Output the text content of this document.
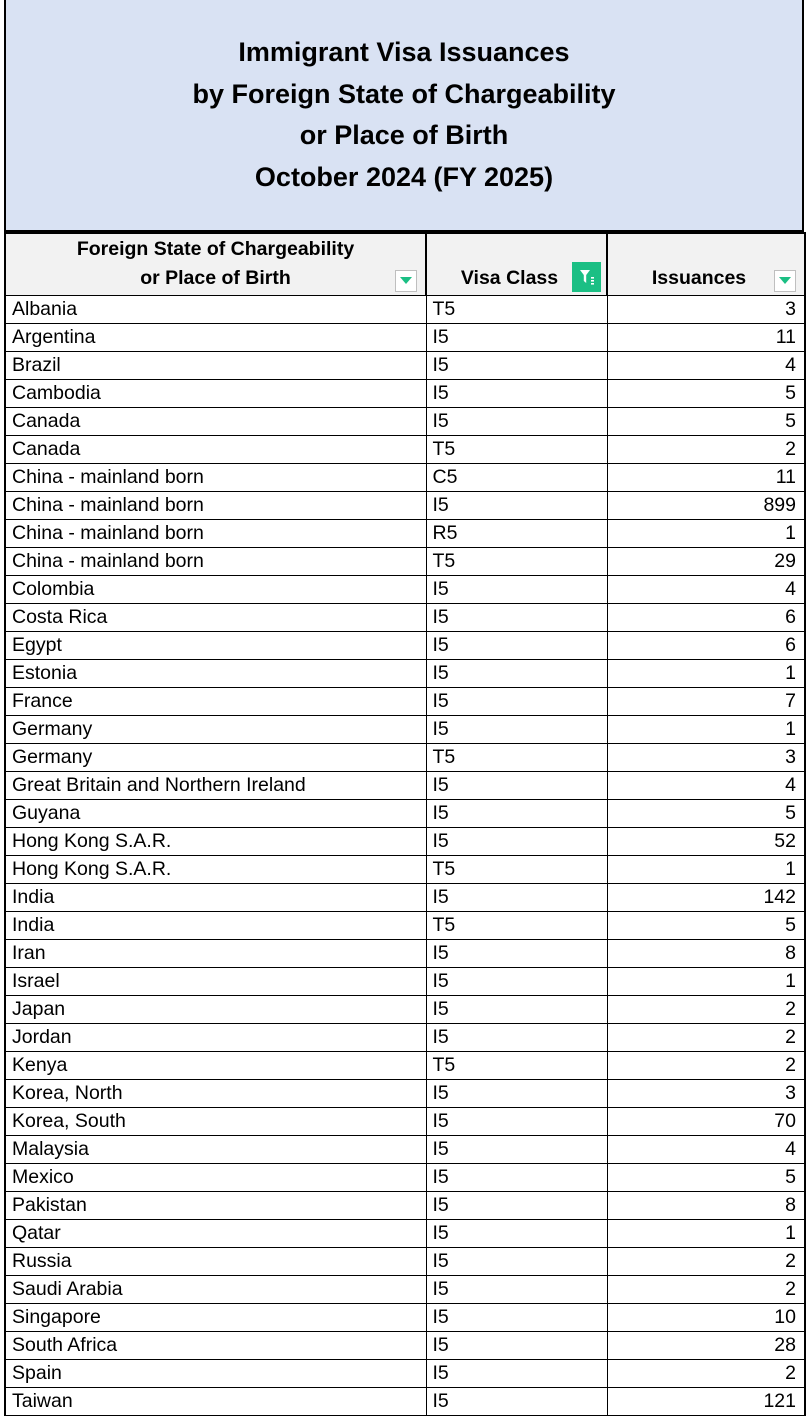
Immigrant Visa Issuances
by Foreign State of Chargeability
or Place of Birth
October 2024 (FY 2025)
Foreign State of Chargeability
or Place of Birth	Visa Class	Issuances

Albania	T5	3
Argentina	I5	11
Brazil	I5	4
Cambodia	I5	5
Canada	I5	5
Canada	T5	2
China - mainland born	C5	11
China - mainland born	I5	899
China - mainland born	R5	1
China - mainland born	T5	29
Colombia	I5	4
Costa Rica	I5	6
Egypt	I5	6
Estonia	I5	1
France	I5	7
Germany	I5	1
Germany	T5	3
Great Britain and Northern Ireland	I5	4
Guyana	I5	5
Hong Kong S.A.R.	I5	52
Hong Kong S.A.R.	T5	1
India	I5	142
India	T5	5
Iran	I5	8
Israel	I5	1
Japan	I5	2
Jordan	I5	2
Kenya	T5	2
Korea, North	I5	3
Korea, South	I5	70
Malaysia	I5	4
Mexico	I5	5
Pakistan	I5	8
Qatar	I5	1
Russia	I5	2
Saudi Arabia	I5	2
Singapore	I5	10
South Africa	I5	28
Spain	I5	2
Taiwan	I5	121
